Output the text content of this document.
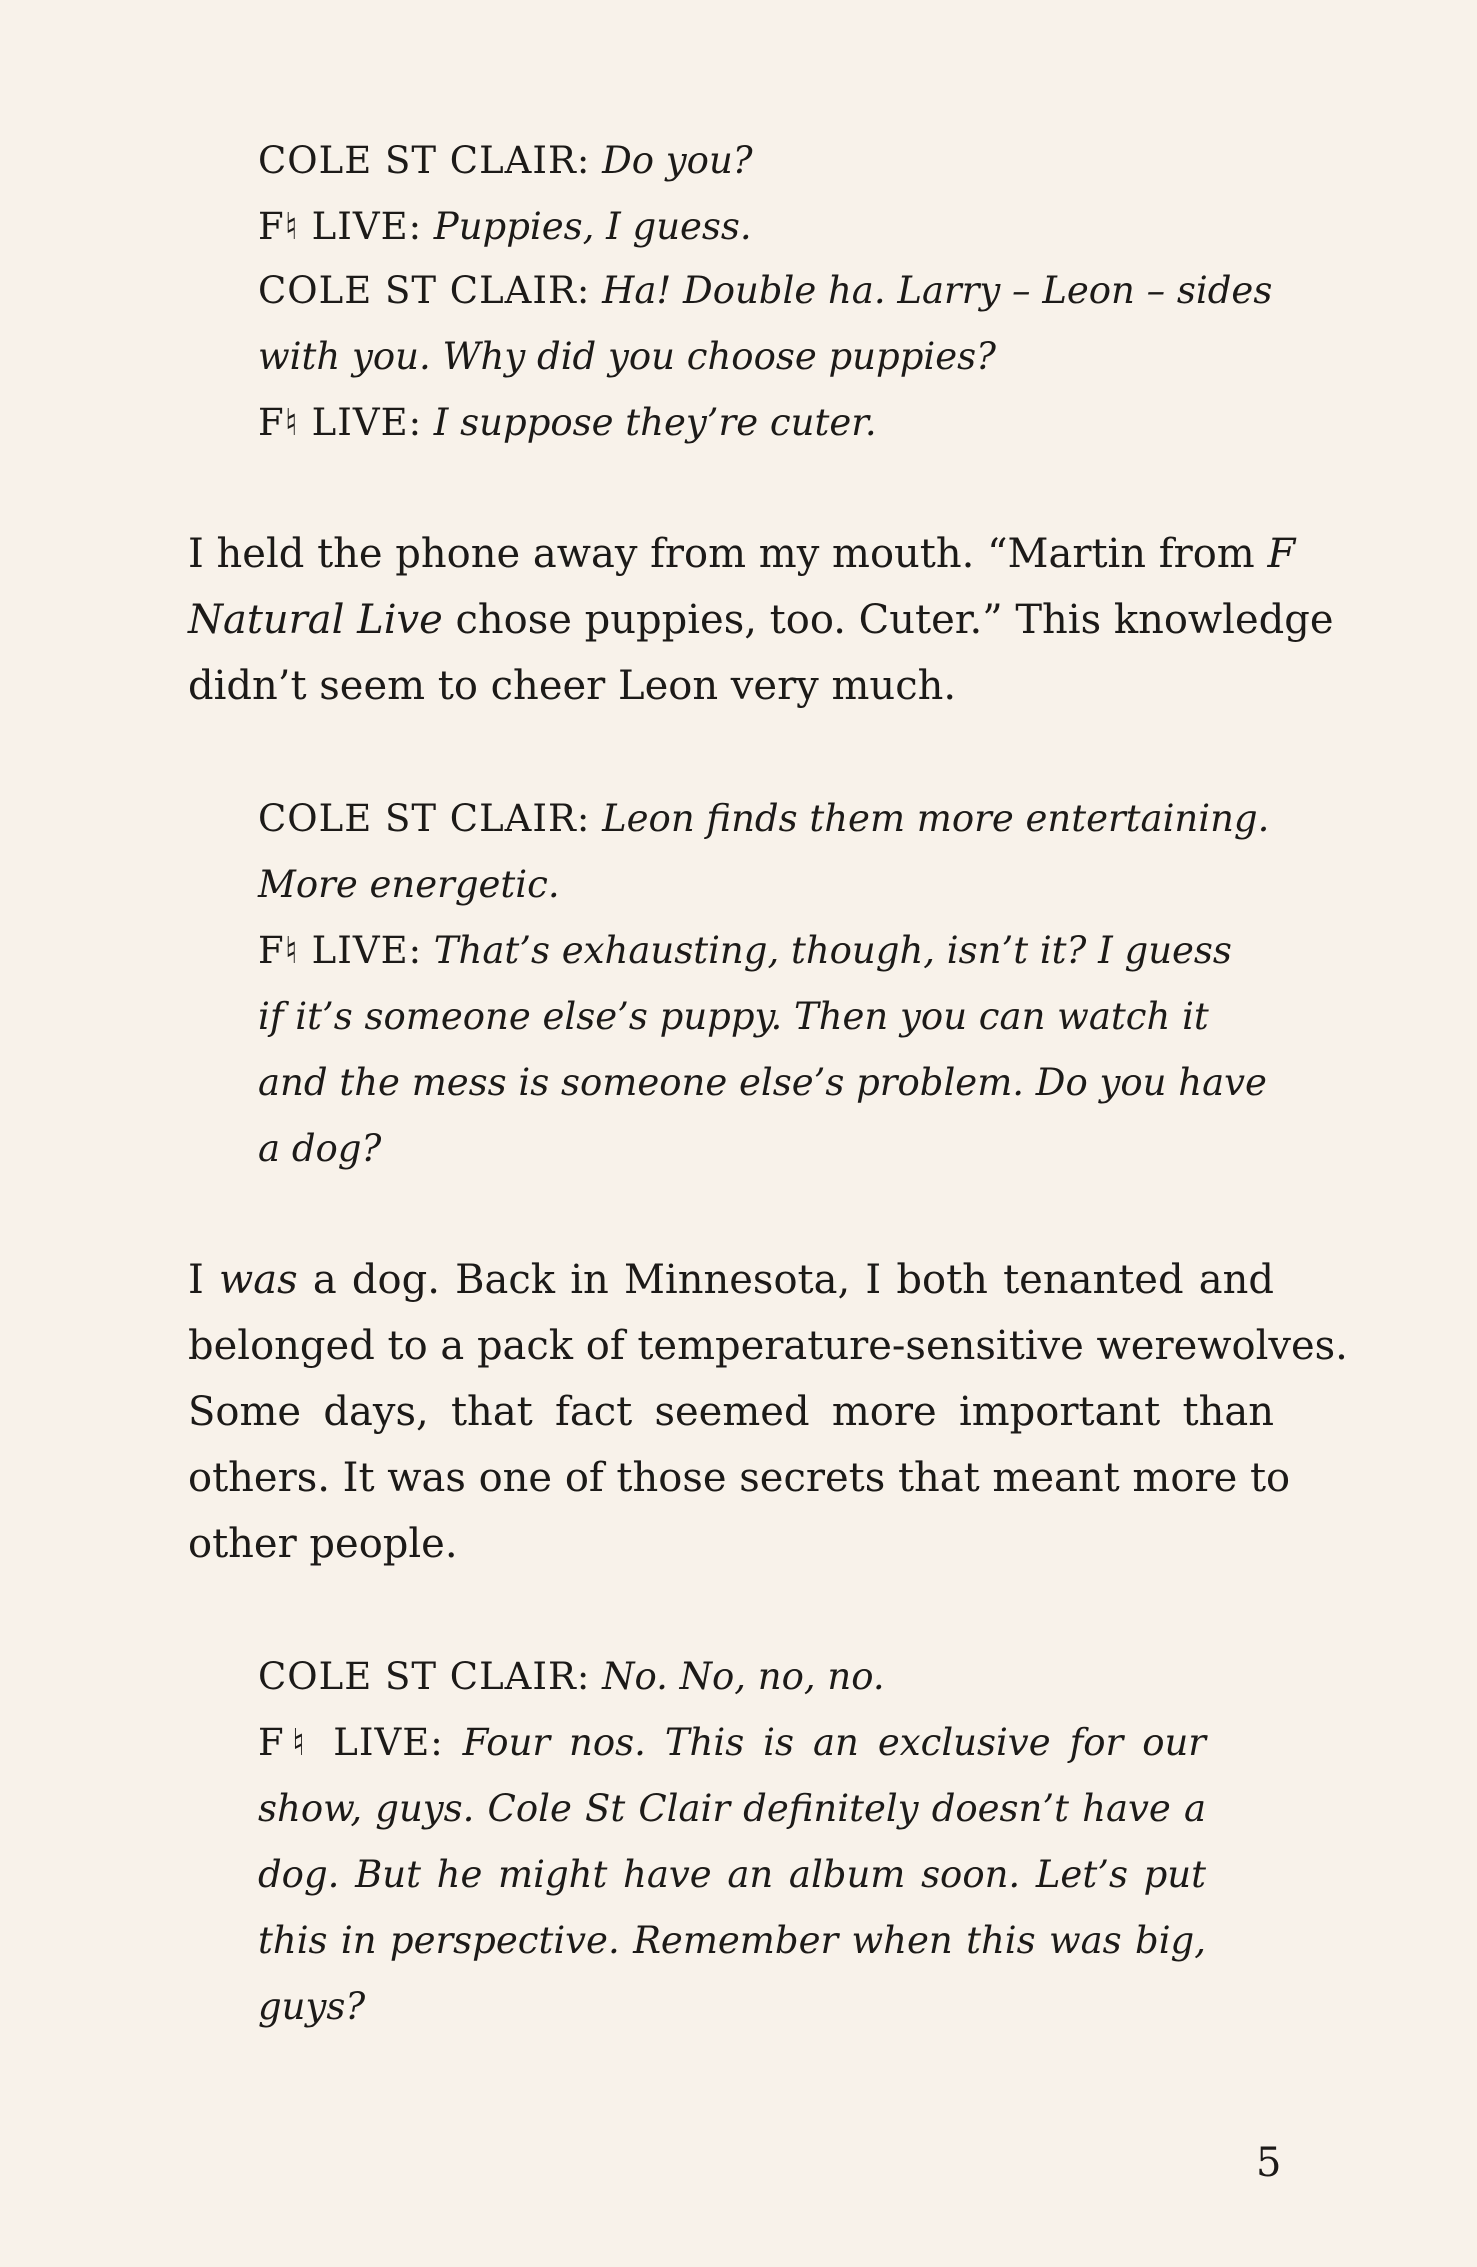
COLE ST CLAIR: Do you?
F♮ LIVE: Puppies, I guess.
COLE ST CLAIR: Ha! Double ha. Larry – Leon – sides
with you. Why did you choose puppies?
F♮ LIVE: I suppose they’re cuter.
I held the phone away from my mouth. “Martin from F
Natural Live chose puppies, too. Cuter.” This knowledge
didn’t seem to cheer Leon very much.
COLE ST CLAIR: Leon finds them more entertaining.
More energetic.
F♮ LIVE: That’s exhausting, though, isn’t it? I guess
if it’s someone else’s puppy. Then you can watch it
and the mess is someone else’s problem. Do you have
a dog?
I was a dog. Back in Minnesota, I both tenanted and
belonged to a pack of temperature-sensitive werewolves.
Some days, that fact seemed more important than
others. It was one of those secrets that meant more to
other people.
COLE ST CLAIR: No. No, no, no.
F♮ LIVE: Four nos. This is an exclusive for our
show, guys. Cole St Clair definitely doesn’t have a
dog. But he might have an album soon. Let’s put
this in perspective. Remember when this was big,
guys?
5
